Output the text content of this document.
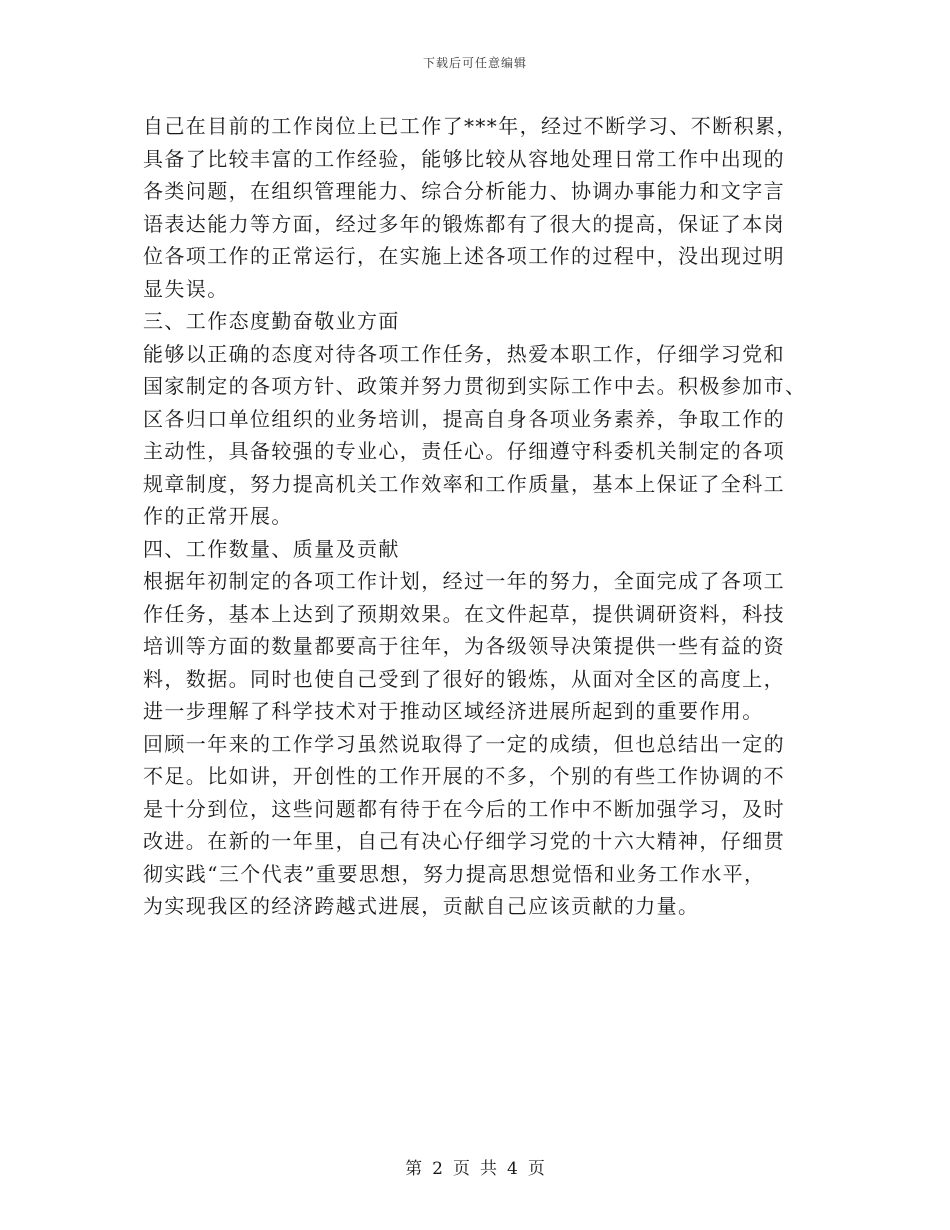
下载后可任意编辑
自己在目前的工作岗位上已工作了***年，经过不断学习、不断积累，
具备了比较丰富的工作经验，能够比较从容地处理日常工作中出现的
各类问题，在组织管理能力、综合分析能力、协调办事能力和文字言
语表达能力等方面，经过多年的锻炼都有了很大的提高，保证了本岗
位各项工作的正常运行，在实施上述各项工作的过程中，没出现过明
显失误。
三、工作态度勤奋敬业方面
能够以正确的态度对待各项工作任务，热爱本职工作，仔细学习党和
国家制定的各项方针、政策并努力贯彻到实际工作中去。积极参加市、
区各归口单位组织的业务培训，提高自身各项业务素养，争取工作的
主动性，具备较强的专业心，责任心。仔细遵守科委机关制定的各项
规章制度，努力提高机关工作效率和工作质量，基本上保证了全科工
作的正常开展。
四、工作数量、质量及贡献
根据年初制定的各项工作计划，经过一年的努力，全面完成了各项工
作任务，基本上达到了预期效果。在文件起草，提供调研资料，科技
培训等方面的数量都要高于往年，为各级领导决策提供一些有益的资
料，数据。同时也使自己受到了很好的锻炼，从面对全区的高度上，
进一步理解了科学技术对于推动区域经济进展所起到的重要作用。
回顾一年来的工作学习虽然说取得了一定的成绩，但也总结出一定的
不足。比如讲，开创性的工作开展的不多，个别的有些工作协调的不
是十分到位，这些问题都有待于在今后的工作中不断加强学习，及时
改进。在新的一年里，自己有决心仔细学习党的十六大精神，仔细贯
彻实践“三个代表”重要思想，努力提高思想觉悟和业务工作水平，
为实现我区的经济跨越式进展，贡献自己应该贡献的力量。
第 2 页 共 4 页
